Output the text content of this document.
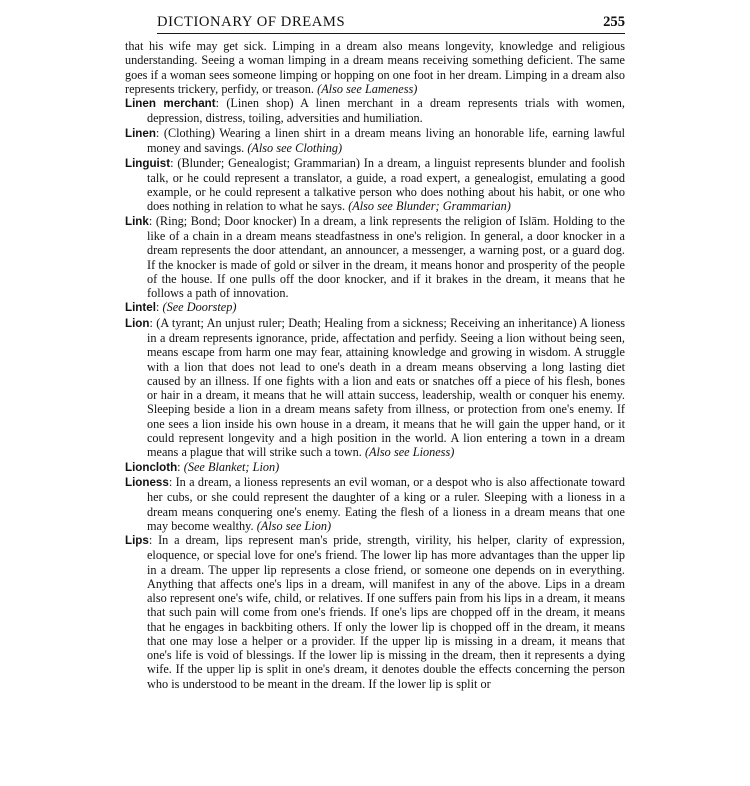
DICTIONARY OF DREAMS	255

that his wife may get sick. Limping in a dream also means longevity, knowledge and religious understanding. Seeing a woman limping in a dream means receiving something deficient. The same goes if a woman sees someone limping or hopping on one foot in her dream. Limping in a dream also represents trickery, perfidy, or treason. (Also see Lameness)

Linen merchant: (Linen shop) A linen merchant in a dream represents trials with women, depression, distress, toiling, adversities and humiliation.

Linen: (Clothing) Wearing a linen shirt in a dream means living an honorable life, earning lawful money and savings. (Also see Clothing)

Linguist: (Blunder; Genealogist; Grammarian) In a dream, a linguist represents blunder and foolish talk, or he could represent a translator, a guide, a road expert, a genealogist, emulating a good example, or he could represent a talkative person who does nothing about his habit, or one who does nothing in relation to what he says. (Also see Blunder; Grammarian)

Link: (Ring; Bond; Door knocker) In a dream, a link represents the religion of Islām. Holding to the like of a chain in a dream means steadfastness in one's religion. In general, a door knocker in a dream represents the door attendant, an announcer, a messenger, a warning post, or a guard dog. If the knocker is made of gold or silver in the dream, it means honor and prosperity of the people of the house. If one pulls off the door knocker, and if it brakes in the dream, it means that he follows a path of innovation.

Lintel: (See Doorstep)

Lion: (A tyrant; An unjust ruler; Death; Healing from a sickness; Receiving an inheritance) A lioness in a dream represents ignorance, pride, affectation and perfidy. Seeing a lion without being seen, means escape from harm one may fear, attaining knowledge and growing in wisdom. A struggle with a lion that does not lead to one's death in a dream means observing a long lasting diet caused by an illness. If one fights with a lion and eats or snatches off a piece of his flesh, bones or hair in a dream, it means that he will attain success, leadership, wealth or conquer his enemy. Sleeping beside a lion in a dream means safety from illness, or protection from one's enemy. If one sees a lion inside his own house in a dream, it means that he will gain the upper hand, or it could represent longevity and a high position in the world. A lion entering a town in a dream means a plague that will strike such a town. (Also see Lioness)

Lioncloth: (See Blanket; Lion)

Lioness: In a dream, a lioness represents an evil woman, or a despot who is also affectionate toward her cubs, or she could represent the daughter of a king or a ruler. Sleeping with a lioness in a dream means conquering one's enemy. Eating the flesh of a lioness in a dream means that one may become wealthy. (Also see Lion)

Lips: In a dream, lips represent man's pride, strength, virility, his helper, clarity of expression, eloquence, or special love for one's friend. The lower lip has more advantages than the upper lip in a dream. The upper lip represents a close friend, or someone one depends on in everything. Anything that affects one's lips in a dream, will manifest in any of the above. Lips in a dream also represent one's wife, child, or relatives. If one suffers pain from his lips in a dream, it means that such pain will come from one's friends. If one's lips are chopped off in the dream, it means that he engages in backbiting others. If only the lower lip is chopped off in the dream, it means that one may lose a helper or a provider. If the upper lip is missing in a dream, it means that one's life is void of blessings. If the lower lip is missing in the dream, then it represents a dying wife. If the upper lip is split in one's dream, it denotes double the effects concerning the person who is understood to be meant in the dream. If the lower lip is split or
